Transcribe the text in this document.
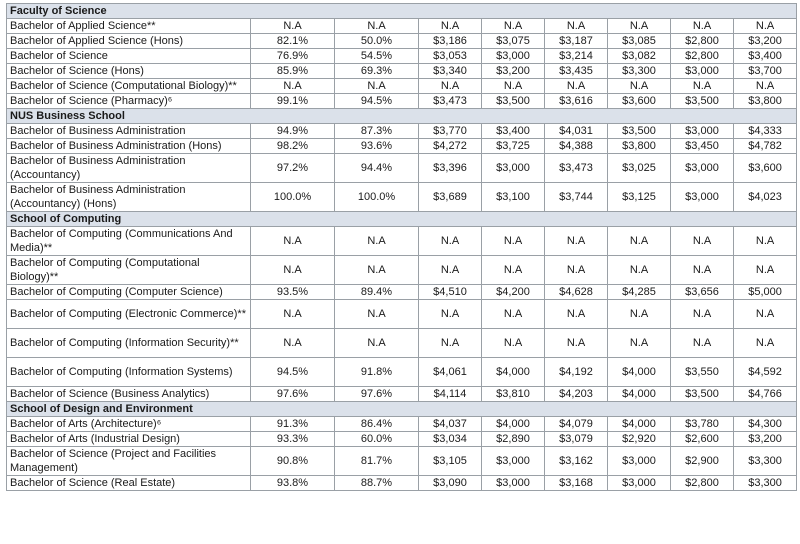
Faculty of Science								
Bachelor of Applied Science**	N.A	N.A	N.A	N.A	N.A	N.A	N.A	N.A
Bachelor of Applied Science (Hons)	82.1%	50.0%	$3,186	$3,075	$3,187	$3,085	$2,800	$3,200
Bachelor of Science	76.9%	54.5%	$3,053	$3,000	$3,214	$3,082	$2,800	$3,400
Bachelor of Science (Hons)	85.9%	69.3%	$3,340	$3,200	$3,435	$3,300	$3,000	$3,700
Bachelor of Science (Computational Biology)**	N.A	N.A	N.A	N.A	N.A	N.A	N.A	N.A
Bachelor of Science (Pharmacy)⁶	99.1%	94.5%	$3,473	$3,500	$3,616	$3,600	$3,500	$3,800
NUS Business School								
Bachelor of Business Administration	94.9%	87.3%	$3,770	$3,400	$4,031	$3,500	$3,000	$4,333
Bachelor of Business Administration (Hons)	98.2%	93.6%	$4,272	$3,725	$4,388	$3,800	$3,450	$4,782
Bachelor of Business Administration (Accountancy)	97.2%	94.4%	$3,396	$3,000	$3,473	$3,025	$3,000	$3,600
Bachelor of Business Administration (Accountancy) (Hons)	100.0%	100.0%	$3,689	$3,100	$3,744	$3,125	$3,000	$4,023
School of Computing								
Bachelor of Computing (Communications And Media)**	N.A	N.A	N.A	N.A	N.A	N.A	N.A	N.A
Bachelor of Computing (Computational Biology)**	N.A	N.A	N.A	N.A	N.A	N.A	N.A	N.A
Bachelor of Computing (Computer Science)	93.5%	89.4%	$4,510	$4,200	$4,628	$4,285	$3,656	$5,000
Bachelor of Computing (Electronic Commerce)**	N.A	N.A	N.A	N.A	N.A	N.A	N.A	N.A
Bachelor of Computing (Information Security)**	N.A	N.A	N.A	N.A	N.A	N.A	N.A	N.A
Bachelor of Computing (Information Systems)	94.5%	91.8%	$4,061	$4,000	$4,192	$4,000	$3,550	$4,592
Bachelor of Science (Business Analytics)	97.6%	97.6%	$4,114	$3,810	$4,203	$4,000	$3,500	$4,766
School of Design and Environment								
Bachelor of Arts (Architecture)⁶	91.3%	86.4%	$4,037	$4,000	$4,079	$4,000	$3,780	$4,300
Bachelor of Arts (Industrial Design)	93.3%	60.0%	$3,034	$2,890	$3,079	$2,920	$2,600	$3,200
Bachelor of Science (Project and Facilities Management)	90.8%	81.7%	$3,105	$3,000	$3,162	$3,000	$2,900	$3,300
Bachelor of Science (Real Estate)	93.8%	88.7%	$3,090	$3,000	$3,168	$3,000	$2,800	$3,300
